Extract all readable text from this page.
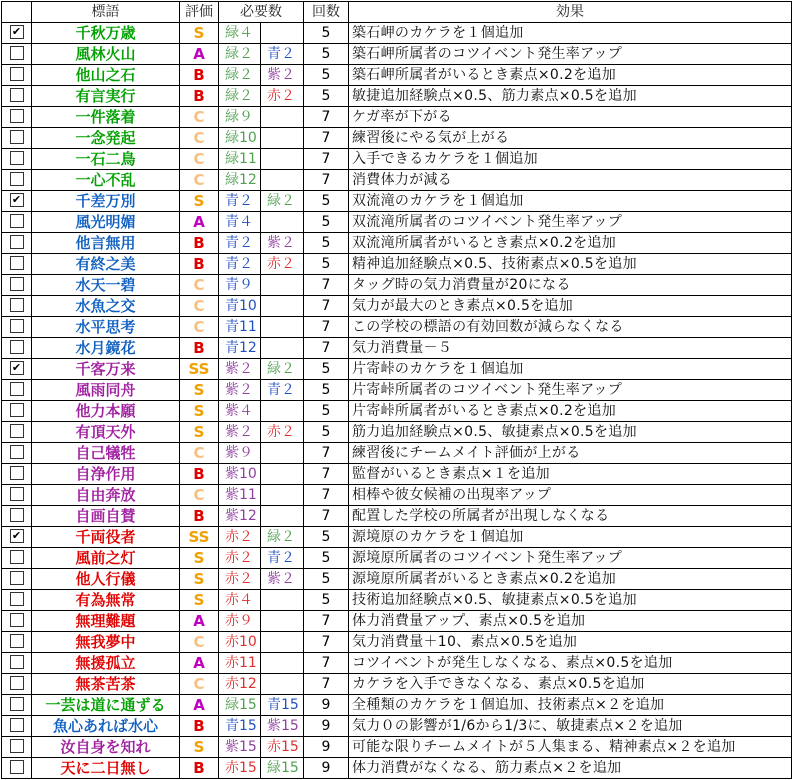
	標語	評価	必要数		回数	効果
✔	千秋万歳	S	緑４		5	築石岬のカケラを１個追加
	風林火山	A	緑２	青２	5	築石岬所属者のコツイベント発生率アップ
	他山之石	B	緑２	紫２	5	築石岬所属者がいるとき素点×0.2を追加
	有言実行	B	緑２	赤２	5	敏捷追加経験点×0.5、筋力素点×0.5を追加
	一件落着	C	緑９		7	ケガ率が下がる
	一念発起	C	緑10		7	練習後にやる気が上がる
	一石二鳥	C	緑11		7	入手できるカケラを１個追加
	一心不乱	C	緑12		7	消費体力が減る
✔	千差万別	S	青２	緑２	5	双流滝のカケラを１個追加
	風光明媚	A	青４		5	双流滝所属者のコツイベント発生率アップ
	他言無用	B	青２	紫２	5	双流滝所属者がいるとき素点×0.2を追加
	有終之美	B	青２	赤２	5	精神追加経験点×0.5、技術素点×0.5を追加
	水天一碧	C	青９		7	タッグ時の気力消費量が20になる
	水魚之交	C	青10		7	気力が最大のとき素点×0.5を追加
	水平思考	C	青11		7	この学校の標語の有効回数が減らなくなる
	水月鏡花	B	青12		7	気力消費量－５
✔	千客万来	SS	紫２	緑２	5	片寄峠のカケラを１個追加
	風雨同舟	S	紫２	青２	5	片寄峠所属者のコツイベント発生率アップ
	他力本願	S	紫４		5	片寄峠所属者がいるとき素点×0.2を追加
	有頂天外	S	紫２	赤２	5	筋力追加経験点×0.5、敏捷素点×0.5を追加
	自己犠牲	C	紫９		7	練習後にチームメイト評価が上がる
	自浄作用	B	紫10		7	監督がいるとき素点×１を追加
	自由奔放	C	紫11		7	相棒や彼女候補の出現率アップ
	自画自賛	B	紫12		7	配置した学校の所属者が出現しなくなる
✔	千両役者	SS	赤２	緑２	5	源境原のカケラを１個追加
	風前之灯	S	赤２	青２	5	源境原所属者のコツイベント発生率アップ
	他人行儀	S	赤２	紫２	5	源境原所属者がいるとき素点×0.2を追加
	有為無常	S	赤４		5	技術追加経験点×0.5、敏捷素点×0.5を追加
	無理難題	A	赤９		7	体力消費量アップ、素点×0.5を追加
	無我夢中	C	赤10		7	気力消費量＋10、素点×0.5を追加
	無援孤立	A	赤11		7	コツイベントが発生しなくなる、素点×0.5を追加
	無茶苦茶	C	赤12		7	カケラを入手できなくなる、素点×0.5を追加
	一芸は道に通ずる	A	緑15	青15	9	全種類のカケラを１個追加、技術素点×２を追加
	魚心あれば水心	B	青15	紫15	9	気力０の影響が1/6から1/3に、敏捷素点×２を追加
	汝自身を知れ	S	紫15	赤15	9	可能な限りチームメイトが５人集まる、精神素点×２を追加
	天に二日無し	B	赤15	緑15	9	体力消費がなくなる、筋力素点×２を追加
